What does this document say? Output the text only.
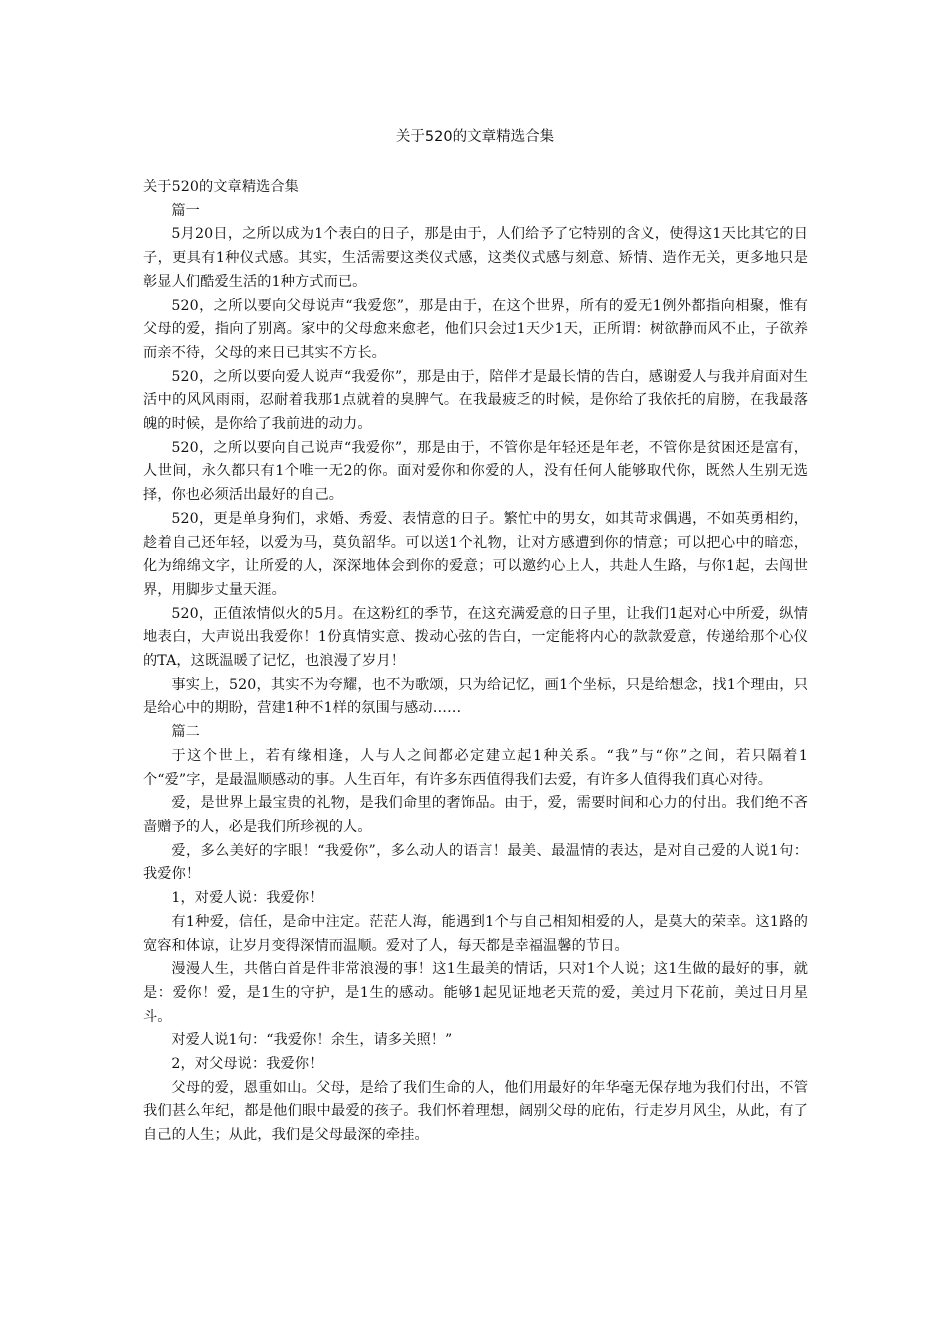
关于520的文章精选合集

关于520的文章精选合集

篇一

5月20日，之所以成为1个表白的日子，那是由于，人们给予了它特别的含义，使得这1天比其它的日子，更具有1种仪式感。其实，生活需要这类仪式感，这类仪式感与刻意、矫情、造作无关，更多地只是彰显人们酷爱生活的1种方式而已。

520，之所以要向父母说声“我爱您”，那是由于，在这个世界，所有的爱无1例外都指向相聚，惟有父母的爱，指向了别离。家中的父母愈来愈老，他们只会过1天少1天，正所谓：树欲静而风不止，子欲养而亲不待，父母的来日已其实不方长。

520，之所以要向爱人说声“我爱你”，那是由于，陪伴才是最长情的告白，感谢爱人与我并肩面对生活中的风风雨雨，忍耐着我那1点就着的臭脾气。在我最疲乏的时候，是你给了我依托的肩膀，在我最落魄的时候，是你给了我前进的动力。

520，之所以要向自己说声“我爱你”，那是由于，不管你是年轻还是年老，不管你是贫困还是富有，人世间，永久都只有1个唯一无2的你。面对爱你和你爱的人，没有任何人能够取代你，既然人生别无选择，你也必须活出最好的自己。

520，更是单身狗们，求婚、秀爱、表情意的日子。繁忙中的男女，如其苛求偶遇，不如英勇相约，趁着自己还年轻，以爱为马，莫负韶华。可以送1个礼物，让对方感遭到你的情意；可以把心中的暗恋，化为绵绵文字，让所爱的人，深深地体会到你的爱意；可以邀约心上人，共赴人生路，与你1起，去闯世界，用脚步丈量天涯。

520，正值浓情似火的5月。在这粉红的季节，在这充满爱意的日子里，让我们1起对心中所爱，纵情地表白，大声说出我爱你！1份真情实意、拨动心弦的告白，一定能将内心的款款爱意，传递给那个心仪的TA，这既温暖了记忆，也浪漫了岁月！

事实上，520，其实不为夸耀，也不为歌颂，只为给记忆，画1个坐标，只是给想念，找1个理由，只是给心中的期盼，营建1种不1样的氛围与感动……

篇二

于这个世上，若有缘相逢，人与人之间都必定建立起1种关系。“我”与“你”之间，若只隔着1个“爱”字，是最温顺感动的事。人生百年，有许多东西值得我们去爱，有许多人值得我们真心对待。

爱，是世界上最宝贵的礼物，是我们命里的奢饰品。由于，爱，需要时间和心力的付出。我们绝不吝啬赠予的人，必是我们所珍视的人。

爱，多么美好的字眼！“我爱你”，多么动人的语言！最美、最温情的表达，是对自己爱的人说1句：我爱你！

1，对爱人说：我爱你！

有1种爱，信任，是命中注定。茫茫人海，能遇到1个与自己相知相爱的人，是莫大的荣幸。这1路的宽容和体谅，让岁月变得深情而温顺。爱对了人，每天都是幸福温馨的节日。

漫漫人生，共偕白首是件非常浪漫的事！这1生最美的情话，只对1个人说；这1生做的最好的事，就是：爱你！爱，是1生的守护，是1生的感动。能够1起见证地老天荒的爱，美过月下花前，美过日月星斗。

对爱人说1句：“我爱你！余生，请多关照！”

2，对父母说：我爱你！

父母的爱，恩重如山。父母，是给了我们生命的人，他们用最好的年华毫无保存地为我们付出，不管我们甚么年纪，都是他们眼中最爱的孩子。我们怀着理想，阔别父母的庇佑，行走岁月风尘，从此，有了自己的人生；从此，我们是父母最深的牵挂。
